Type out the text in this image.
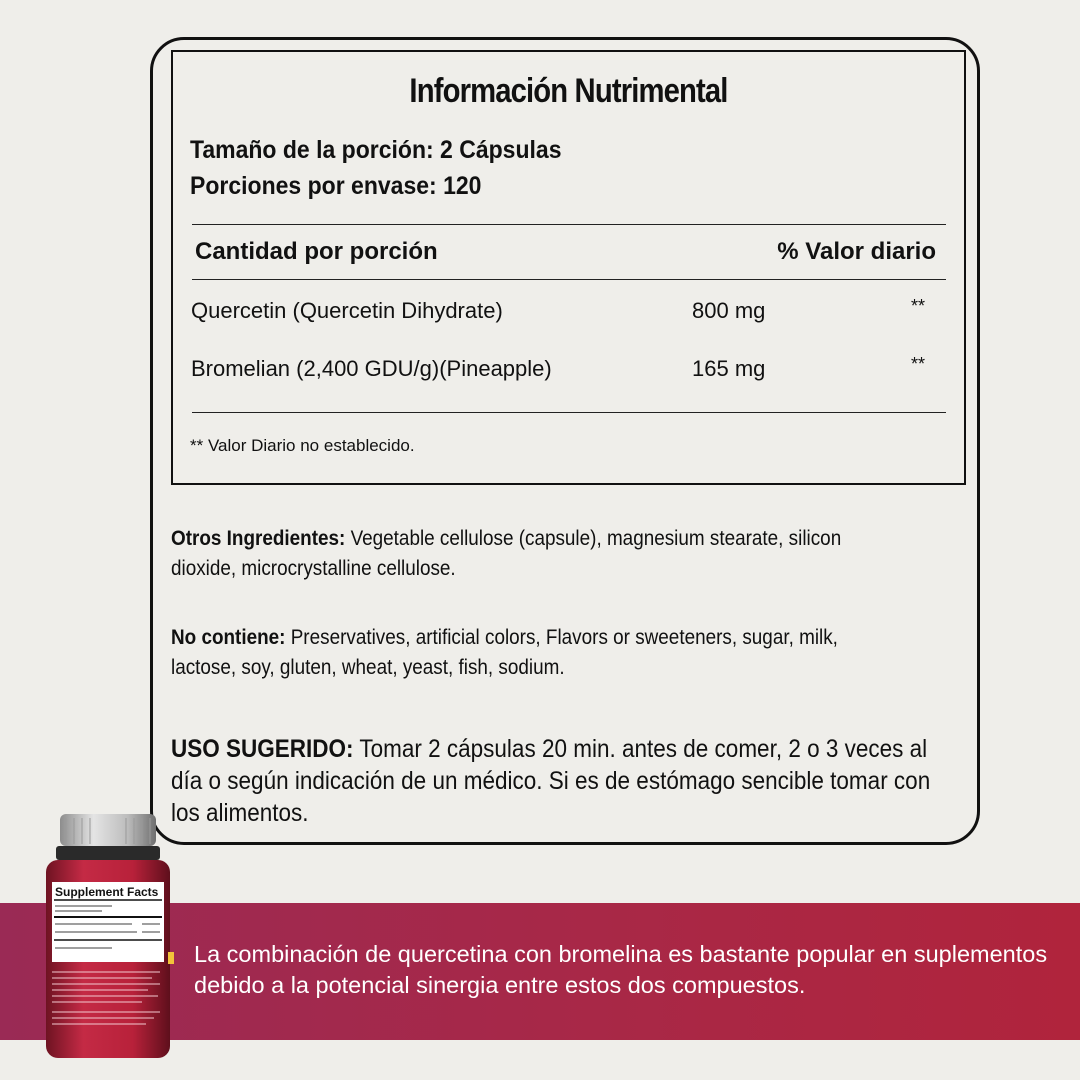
Información Nutrimental
Tamaño de la porción: 2 Cápsulas
Porciones por envase: 120
Cantidad por porción	% Valor diario
Quercetin (Quercetin Dihydrate)	800 mg	**
Bromelian (2,400 GDU/g)(Pineapple)	165 mg	**
** Valor Diario no establecido.
Otros Ingredientes: Vegetable cellulose (capsule), magnesium stearate, silicon dioxide, microcrystalline cellulose.
No contiene: Preservatives, artificial colors, Flavors or sweeteners, sugar, milk, lactose, soy, gluten, wheat, yeast, fish, sodium.
USO SUGERIDO: Tomar 2 cápsulas 20 min. antes de comer, 2 o 3 veces al día o según indicación de un médico. Si es de estómago sencible tomar con los alimentos.
La combinación de quercetina con bromelina es bastante popular en suplementos debido a la potencial sinergia entre estos dos compuestos.
Supplement Facts
